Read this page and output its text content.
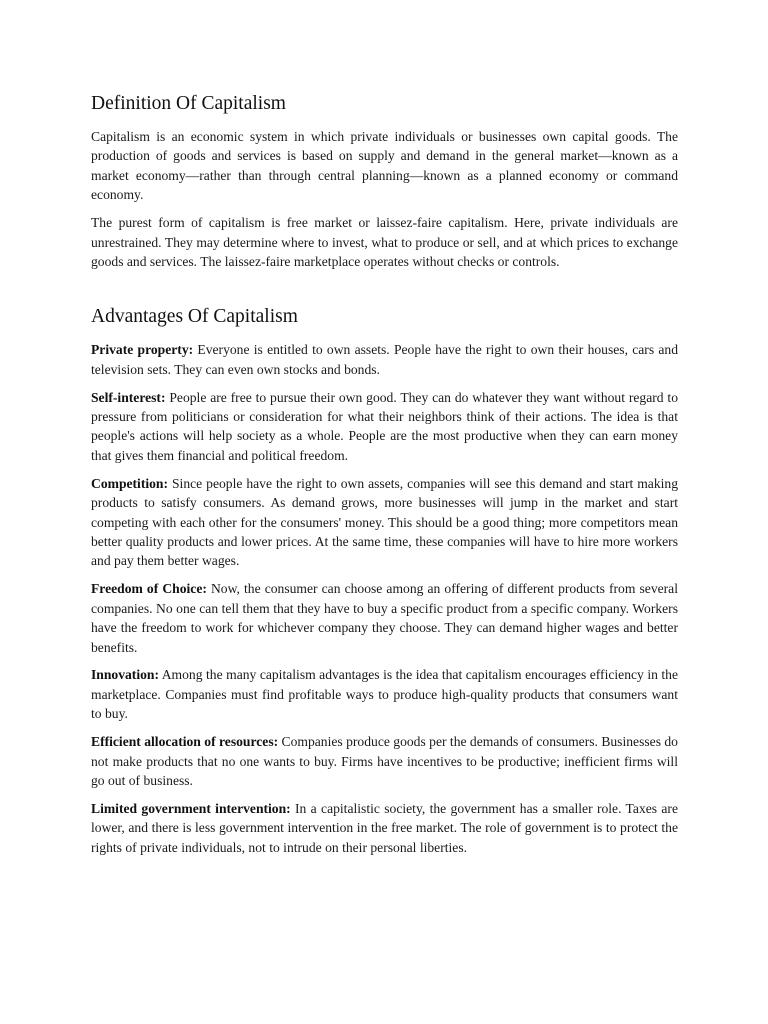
Definition Of Capitalism

Capitalism is an economic system in which private individuals or businesses own capital goods. The production of goods and services is based on supply and demand in the general market—known as a market economy—rather than through central planning—known as a planned economy or command economy.

The purest form of capitalism is free market or laissez-faire capitalism. Here, private individuals are unrestrained. They may determine where to invest, what to produce or sell, and at which prices to exchange goods and services. The laissez-faire marketplace operates without checks or controls.

Advantages Of Capitalism

Private property: Everyone is entitled to own assets. People have the right to own their houses, cars and television sets. They can even own stocks and bonds.

Self-interest: People are free to pursue their own good. They can do whatever they want without regard to pressure from politicians or consideration for what their neighbors think of their actions. The idea is that people's actions will help society as a whole. People are the most productive when they can earn money that gives them financial and political freedom.

Competition: Since people have the right to own assets, companies will see this demand and start making products to satisfy consumers. As demand grows, more businesses will jump in the market and start competing with each other for the consumers' money. This should be a good thing; more competitors mean better quality products and lower prices. At the same time, these companies will have to hire more workers and pay them better wages.

Freedom of Choice: Now, the consumer can choose among an offering of different products from several companies. No one can tell them that they have to buy a specific product from a specific company. Workers have the freedom to work for whichever company they choose. They can demand higher wages and better benefits.

Innovation: Among the many capitalism advantages is the idea that capitalism encourages efficiency in the marketplace. Companies must find profitable ways to produce high-quality products that consumers want to buy.

Efficient allocation of resources: Companies produce goods per the demands of consumers. Businesses do not make products that no one wants to buy. Firms have incentives to be productive; inefficient firms will go out of business.

Limited government intervention: In a capitalistic society, the government has a smaller role. Taxes are lower, and there is less government intervention in the free market. The role of government is to protect the rights of private individuals, not to intrude on their personal liberties.
